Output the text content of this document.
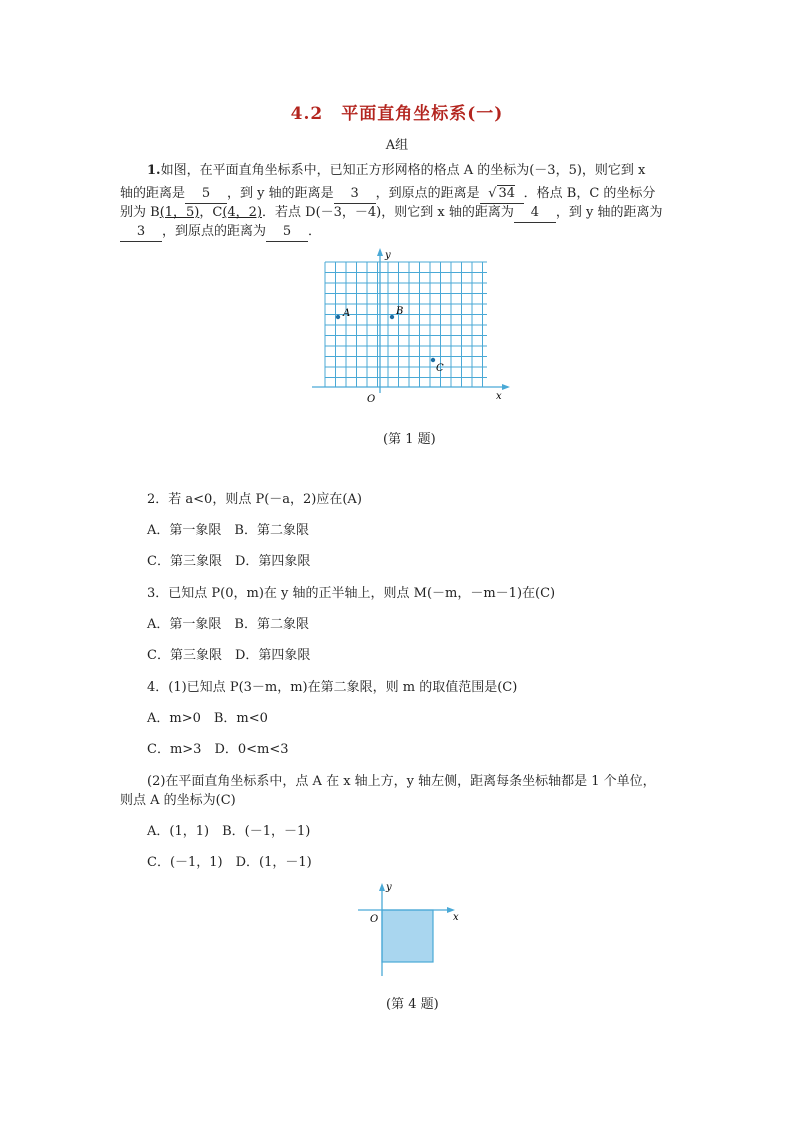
4.2　平面直角坐标系(一)
A组
1.如图，在平面直角坐标系中，已知正方形网格的格点 A 的坐标为(－3，5)，则它到 x
轴的距离是 5 ，到 y 轴的距离是 3 ，到原点的距离是 √ 34 ．格点 B，C 的坐标分
别为 B(1，5)，C(4，2)．若点 D(－3，－4)，则它到 x 轴的距离为 4 ，到 y 轴的距离为
3 ，到原点的距离为 5 ．
A	B
C
O	x
y
(第 1 题)
2．若 a<0，则点 P(－a，2)应在(A)
A．第一象限　B．第二象限
C．第三象限　D．第四象限
3．已知点 P(0，m)在 y 轴的正半轴上，则点 M(－m，－m－1)在(C)
A．第一象限　B．第二象限
C．第三象限　D．第四象限
4．(1)已知点 P(3－m，m)在第二象限，则 m 的取值范围是(C)
A．m>0　B．m<0
C．m>3　D．0<m<3
(2)在平面直角坐标系中，点 A 在 x 轴上方，y 轴左侧，距离每条坐标轴都是 1 个单位，
则点 A 的坐标为(C)
A．(1，1)　B．(－1，－1)
C．(－1，1)　D．(1，－1)
O	x
y
(第 4 题)
